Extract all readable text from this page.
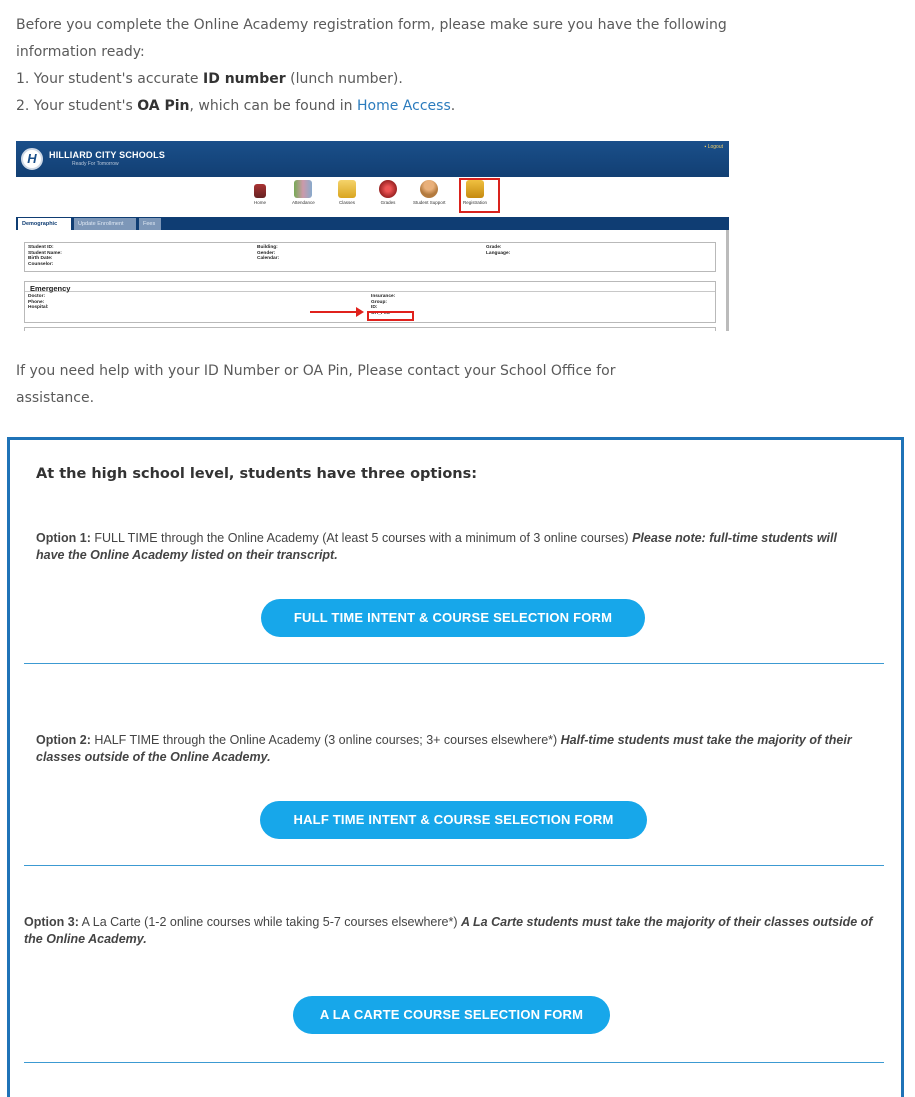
Before you complete the Online Academy registration form, please make sure you have the following information ready:

1. Your student's accurate ID number (lunch number).

2. Your student's OA Pin, which can be found in Home Access.

H	HILLIARD CITY SCHOOLS
Ready For Tomorrow
▪ Logout
Home	Attendance	Classes	Grades	Student Support	Registration
Demographic	Update Enrollment	Fees
Student ID:
Student Name:
Birth Date:
Counselor:
Building:
Gender:
Calendar:
Grade:
Language:
Doctor:
Phone:
Hospital:
Insurance:
Group:
ID:
OA_PIN:
Emergency

If you need help with your ID Number or OA Pin, Please contact your School Office for assistance.

At the high school level, students have three options:
Option 1: FULL TIME through the Online Academy (At least 5 courses with a minimum of 3 online courses) Please note: full-time students will have the Online Academy listed on their transcript.
FULL TIME INTENT & COURSE SELECTION FORM
Option 2: HALF TIME through the Online Academy (3 online courses; 3+ courses elsewhere*) Half-time students must take the majority of their classes outside of the Online Academy.
HALF TIME INTENT & COURSE SELECTION FORM
Option 3: A La Carte (1-2 online courses while taking 5-7 courses elsewhere*) A La Carte students must take the majority of their classes outside of the Online Academy.
A LA CARTE COURSE SELECTION FORM
